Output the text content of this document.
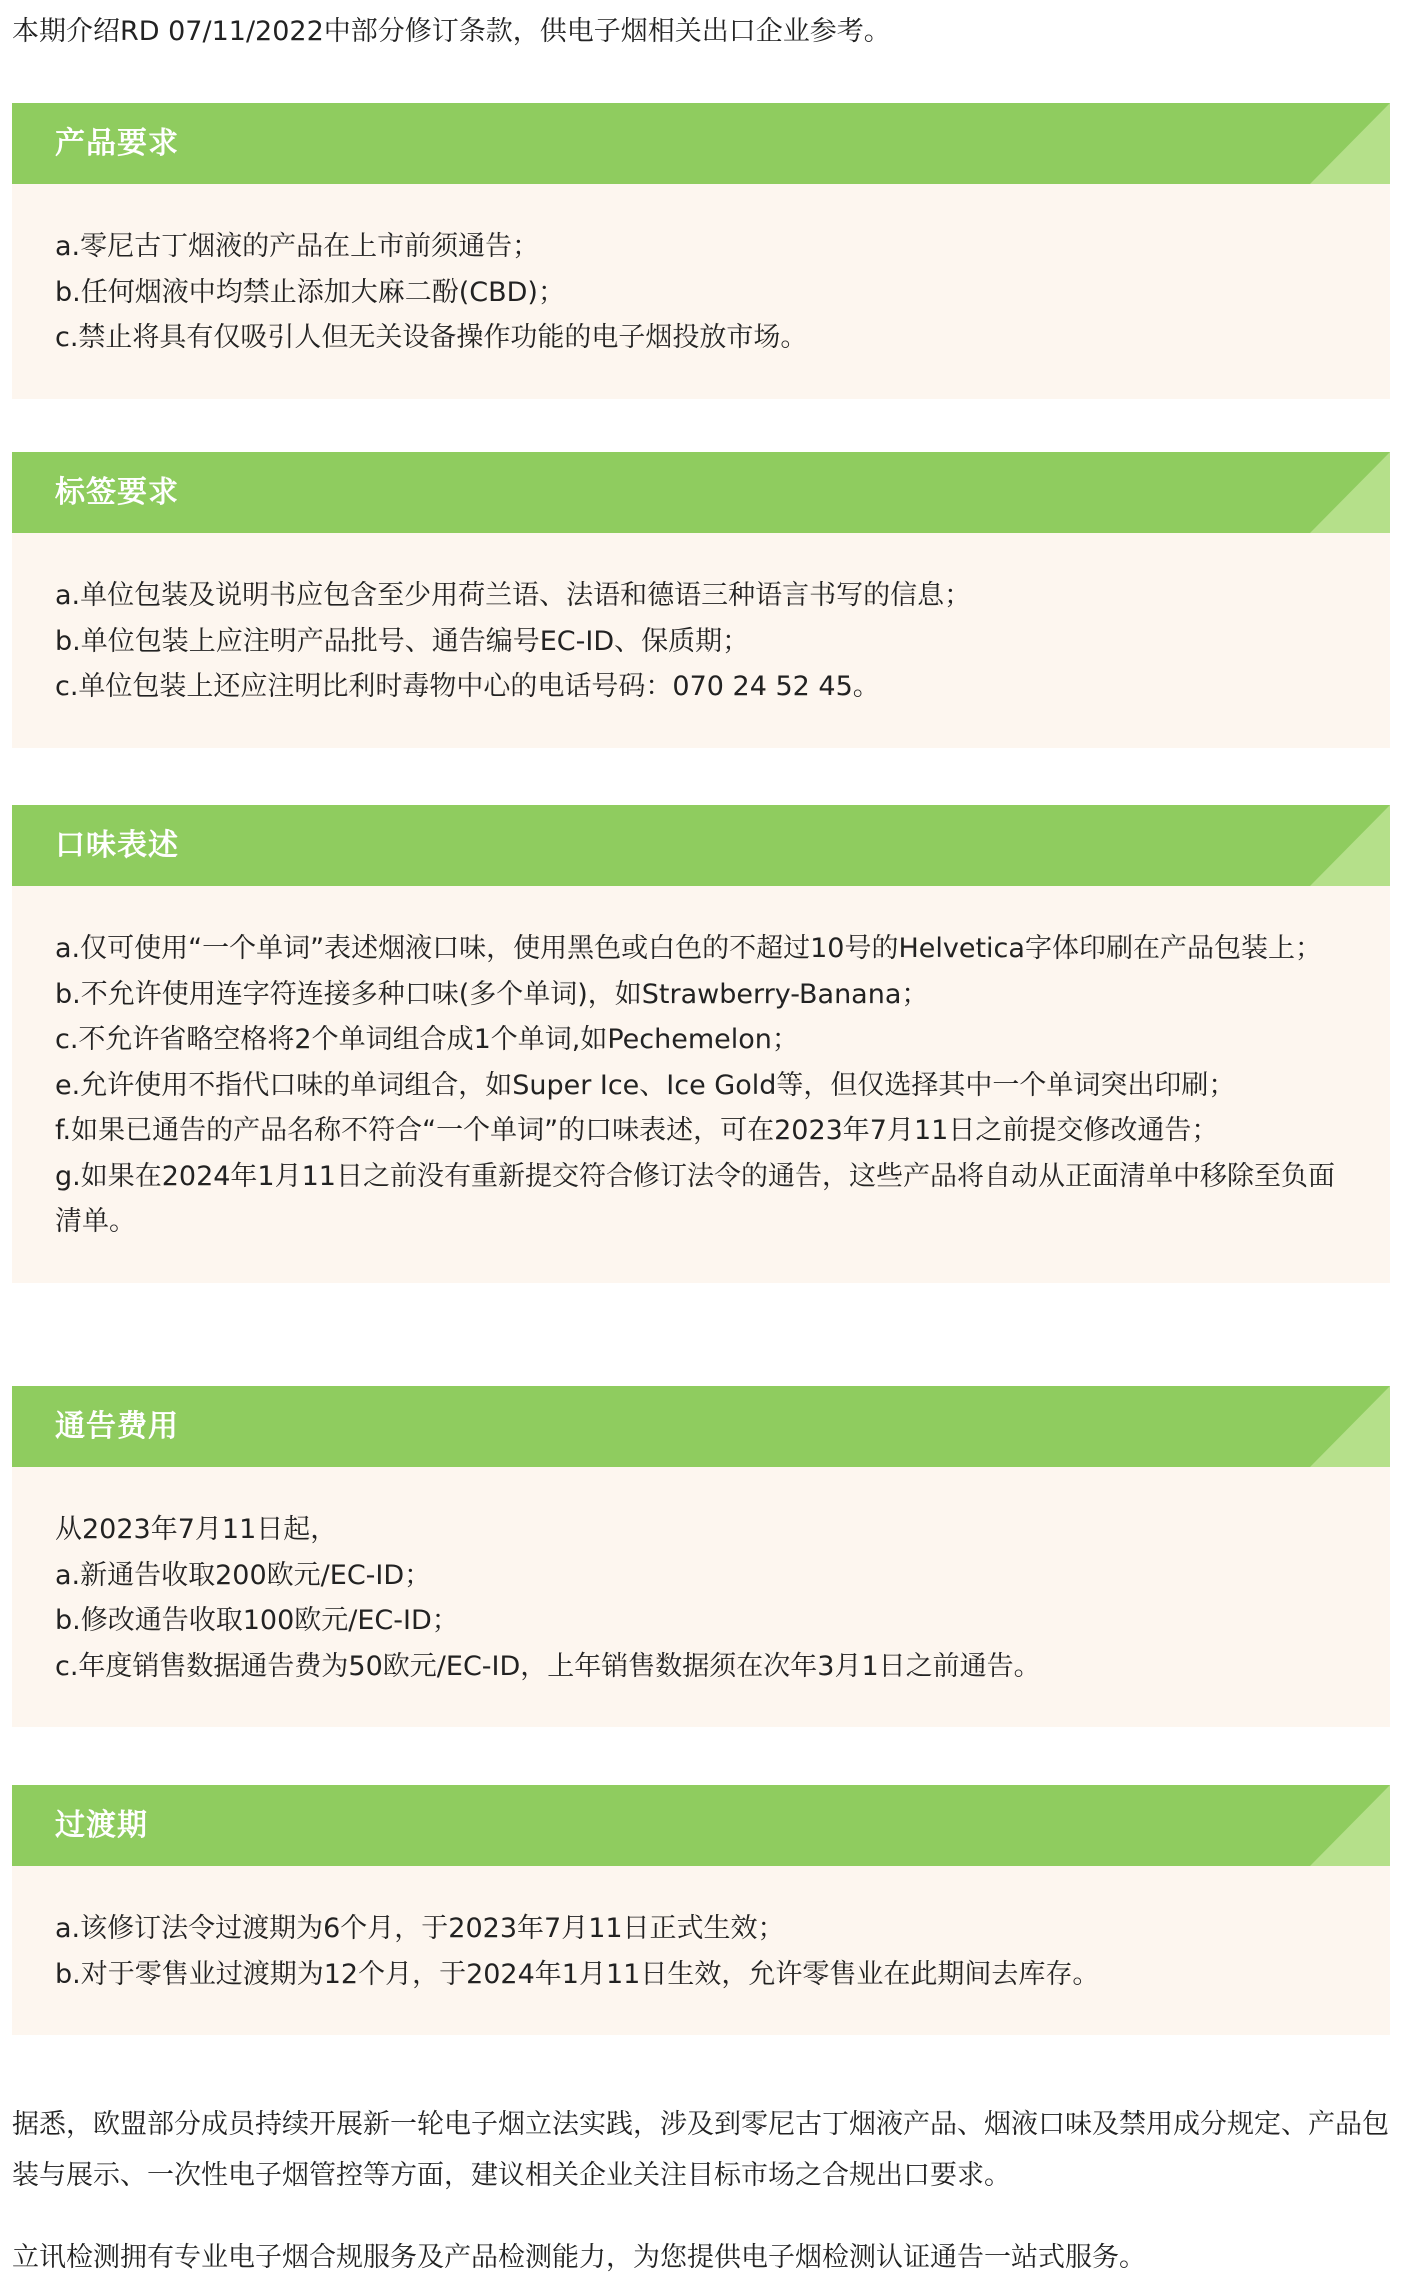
本期介绍RD 07/11/2022中部分修订条款，供电子烟相关出口企业参考。
产品要求
a.零尼古丁烟液的产品在上市前须通告；
b.任何烟液中均禁止添加大麻二酚(CBD)；
c.禁止将具有仅吸引人但无关设备操作功能的电子烟投放市场。
标签要求
a.单位包装及说明书应包含至少用荷兰语、法语和德语三种语言书写的信息；
b.单位包装上应注明产品批号、通告编号EC-ID、保质期；
c.单位包装上还应注明比利时毒物中心的电话号码：070 24 52 45。
口味表述
a.仅可使用“一个单词”表述烟液口味，使用黑色或白色的不超过10号的Helvetica字体印刷在产品包装上；
b.不允许使用连字符连接多种口味(多个单词)，如Strawberry-Banana；
c.不允许省略空格将2个单词组合成1个单词,如Pechemelon；
e.允许使用不指代口味的单词组合，如Super Ice、Ice Gold等，但仅选择其中一个单词突出印刷；
f.如果已通告的产品名称不符合“一个单词”的口味表述，可在2023年7月11日之前提交修改通告；
g.如果在2024年1月11日之前没有重新提交符合修订法令的通告，这些产品将自动从正面清单中移除至负面清单。
通告费用
从2023年7月11日起，
a.新通告收取200欧元/EC-ID；
b.修改通告收取100欧元/EC-ID；
c.年度销售数据通告费为50欧元/EC-ID，上年销售数据须在次年3月1日之前通告。
过渡期
a.该修订法令过渡期为6个月，于2023年7月11日正式生效；
b.对于零售业过渡期为12个月，于2024年1月11日生效，允许零售业在此期间去库存。
据悉，欧盟部分成员持续开展新一轮电子烟立法实践，涉及到零尼古丁烟液产品、烟液口味及禁用成分规定、产品包装与展示、一次性电子烟管控等方面，建议相关企业关注目标市场之合规出口要求。
立讯检测拥有专业电子烟合规服务及产品检测能力，为您提供电子烟检测认证通告一站式服务。
